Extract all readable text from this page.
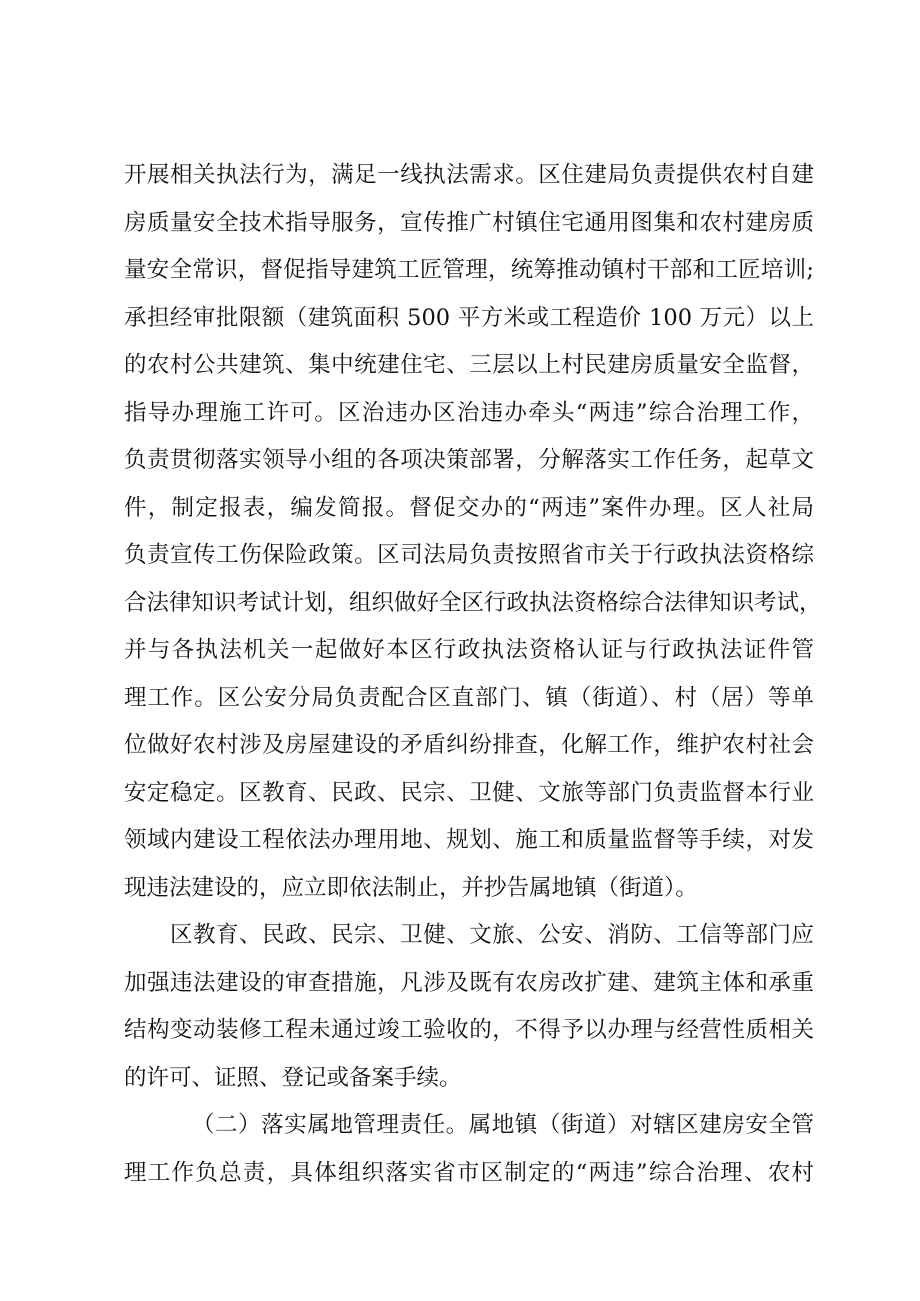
开展相关执法行为，满足一线执法需求。区住建局负责提供农村自建
房质量安全技术指导服务，宣传推广村镇住宅通用图集和农村建房质
量安全常识，督促指导建筑工匠管理，统筹推动镇村干部和工匠培训;
承担经审批限额（建筑面积 500 平方米或工程造价 100 万元）以上
的农村公共建筑、集中统建住宅、三层以上村民建房质量安全监督，
指导办理施工许可。区治违办区治违办牵头“两违”综合治理工作，
负责贯彻落实领导小组的各项决策部署，分解落实工作任务，起草文
件，制定报表，编发简报。督促交办的“两违”案件办理。区人社局
负责宣传工伤保险政策。区司法局负责按照省市关于行政执法资格综
合法律知识考试计划，组织做好全区行政执法资格综合法律知识考试，
并与各执法机关一起做好本区行政执法资格认证与行政执法证件管
理工作。区公安分局负责配合区直部门、镇（街道）、村（居）等单
位做好农村涉及房屋建设的矛盾纠纷排查，化解工作，维护农村社会
安定稳定。区教育、民政、民宗、卫健、文旅等部门负责监督本行业
领域内建设工程依法办理用地、规划、施工和质量监督等手续，对发
现违法建设的，应立即依法制止，并抄告属地镇（街道）。
区教育、民政、民宗、卫健、文旅、公安、消防、工信等部门应
加强违法建设的审查措施，凡涉及既有农房改扩建、建筑主体和承重
结构变动装修工程未通过竣工验收的，不得予以办理与经营性质相关
的许可、证照、登记或备案手续。
（二）落实属地管理责任。属地镇（街道）对辖区建房安全管
理工作负总责，具体组织落实省市区制定的“两违”综合治理、农村
